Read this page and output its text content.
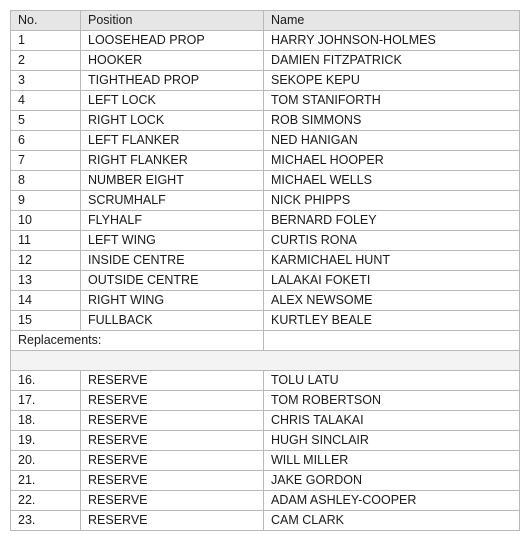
No.	Position	Name
1	LOOSEHEAD PROP	HARRY JOHNSON-HOLMES
2	HOOKER	DAMIEN FITZPATRICK
3	TIGHTHEAD PROP	SEKOPE KEPU
4	LEFT LOCK	TOM STANIFORTH
5	RIGHT LOCK	ROB SIMMONS
6	LEFT FLANKER	NED HANIGAN
7	RIGHT FLANKER	MICHAEL HOOPER
8	NUMBER EIGHT	MICHAEL WELLS
9	SCRUMHALF	NICK PHIPPS
10	FLYHALF	BERNARD FOLEY
11	LEFT WING	CURTIS RONA
12	INSIDE CENTRE	KARMICHAEL HUNT
13	OUTSIDE CENTRE	LALAKAI FOKETI
14	RIGHT WING	ALEX NEWSOME
15	FULLBACK	KURTLEY BEALE
Replacements:		

16.	RESERVE	TOLU LATU
17.	RESERVE	TOM ROBERTSON
18.	RESERVE	CHRIS TALAKAI
19.	RESERVE	HUGH SINCLAIR
20.	RESERVE	WILL MILLER
21.	RESERVE	JAKE GORDON
22.	RESERVE	ADAM ASHLEY-COOPER
23.	RESERVE	CAM CLARK
